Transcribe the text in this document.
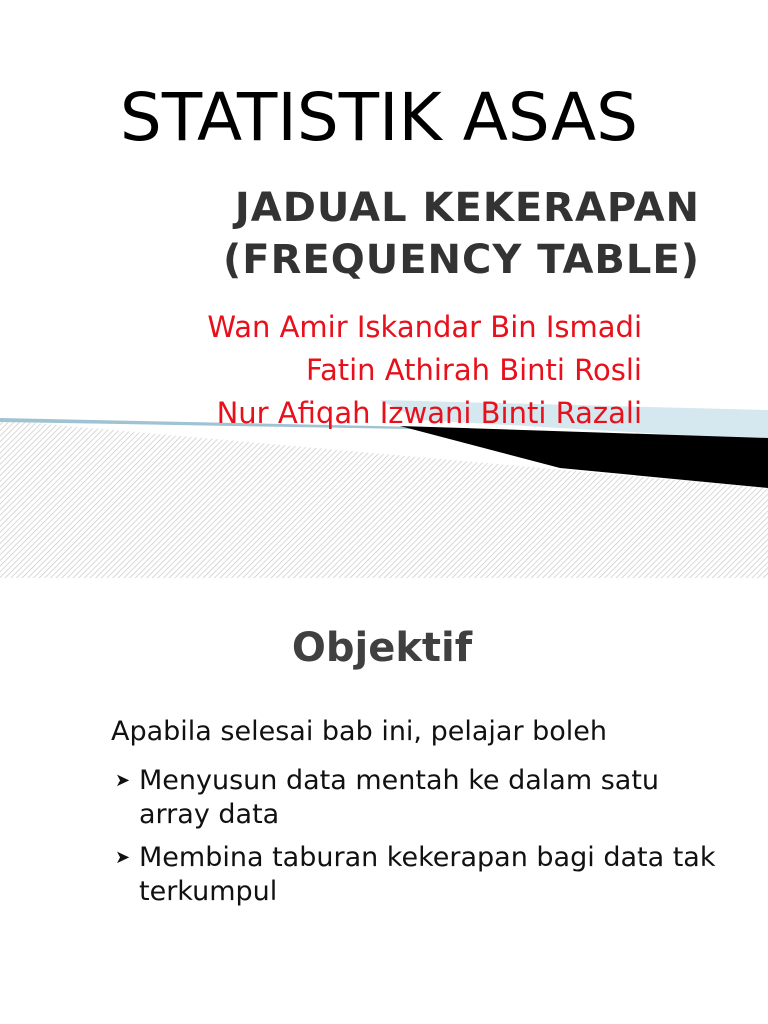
STATISTIK ASAS
JADUAL KEKERAPAN
(FREQUENCY TABLE)
Wan Amir Iskandar Bin Ismadi
Fatin Athirah Binti Rosli
Nur Afiqah Izwani Binti Razali
Objektif

Apabila selesai bab ini, pelajar boleh

➤ Menyusun data mentah ke dalam satu array data
➤ Membina taburan kekerapan bagi data tak terkumpul
